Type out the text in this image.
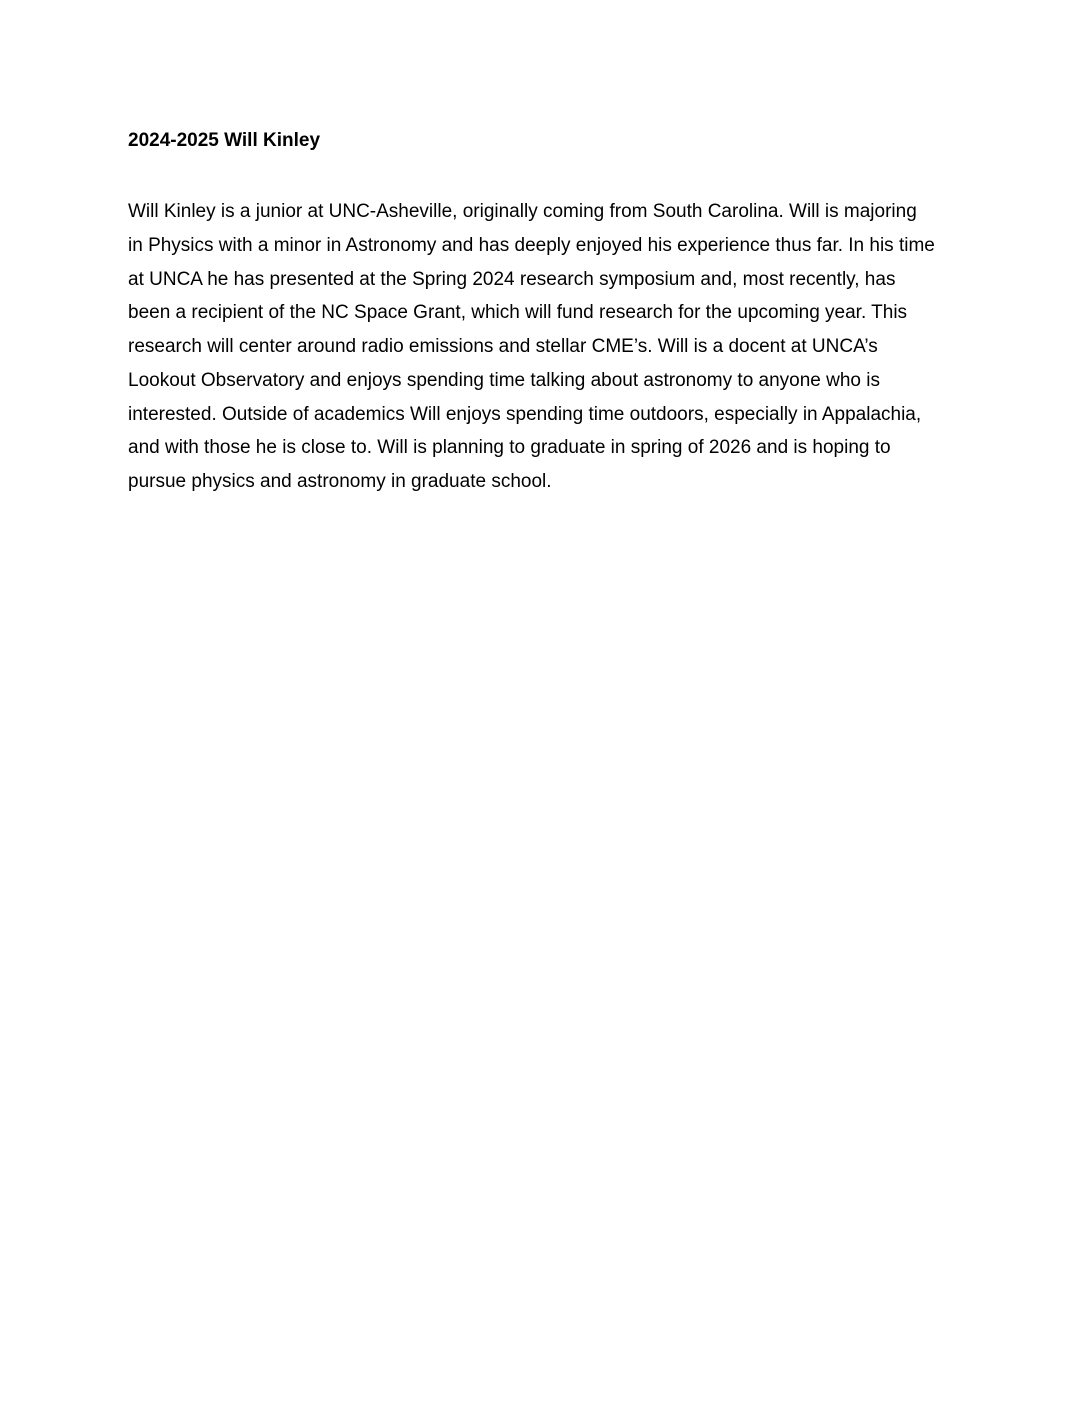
2024-2025 Will Kinley

Will Kinley is a junior at UNC-Asheville, originally coming from South Carolina. Will is majoring
in Physics with a minor in Astronomy and has deeply enjoyed his experience thus far. In his time
at UNCA he has presented at the Spring 2024 research symposium and, most recently, has
been a recipient of the NC Space Grant, which will fund research for the upcoming year. This
research will center around radio emissions and stellar CME’s. Will is a docent at UNCA’s
Lookout Observatory and enjoys spending time talking about astronomy to anyone who is
interested. Outside of academics Will enjoys spending time outdoors, especially in Appalachia,
and with those he is close to. Will is planning to graduate in spring of 2026 and is hoping to
pursue physics and astronomy in graduate school.
